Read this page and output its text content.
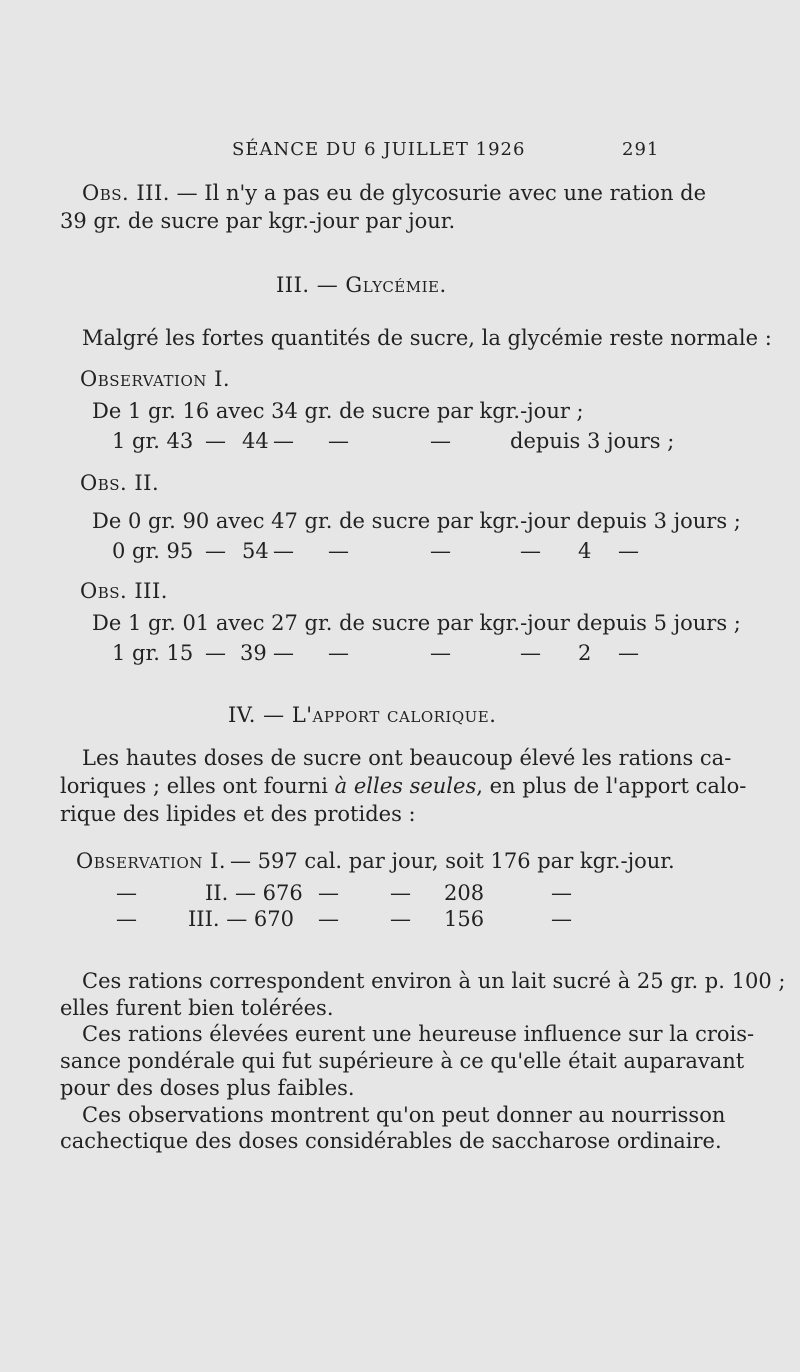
SÉANCE DU 6 JUILLET 1926	291
Obs. III. — Il n'y a pas eu de glycosurie avec une ration de
39 gr. de sucre par kgr.-jour par jour.
III. — Glycémie.
Malgré les fortes quantités de sucre, la glycémie reste normale :
Observation I.
De 1 gr. 16 avec 34 gr. de sucre par kgr.-jour ;
1 gr. 43 — 44 — —	—	depuis 3 jours ;
Obs. II.
De 0 gr. 90 avec 47 gr. de sucre par kgr.-jour depuis 3 jours ;
0 gr. 95 — 54 — —	—	— 4 —
Obs. III.
De 1 gr. 01 avec 27 gr. de sucre par kgr.-jour depuis 5 jours ;
1 gr. 15 — 39 — —	—	— 2 —
IV. — L'apport calorique.
Les hautes doses de sucre ont beaucoup élevé les rations ca-
loriques ; elles ont fourni à elles seules, en plus de l'apport calo-
rique des lipides et des protides :
Observation I. — 597 cal. par jour, soit 176 par kgr.-jour.
—	II. — 676 — — 208	—
— III. — 670 — — 156	—
Ces rations correspondent environ à un lait sucré à 25 gr. p. 100 ;
elles furent bien tolérées.
Ces rations élevées eurent une heureuse influence sur la crois-
sance pondérale qui fut supérieure à ce qu'elle était auparavant
pour des doses plus faibles.
Ces observations montrent qu'on peut donner au nourrisson
cachectique des doses considérables de saccharose ordinaire.
